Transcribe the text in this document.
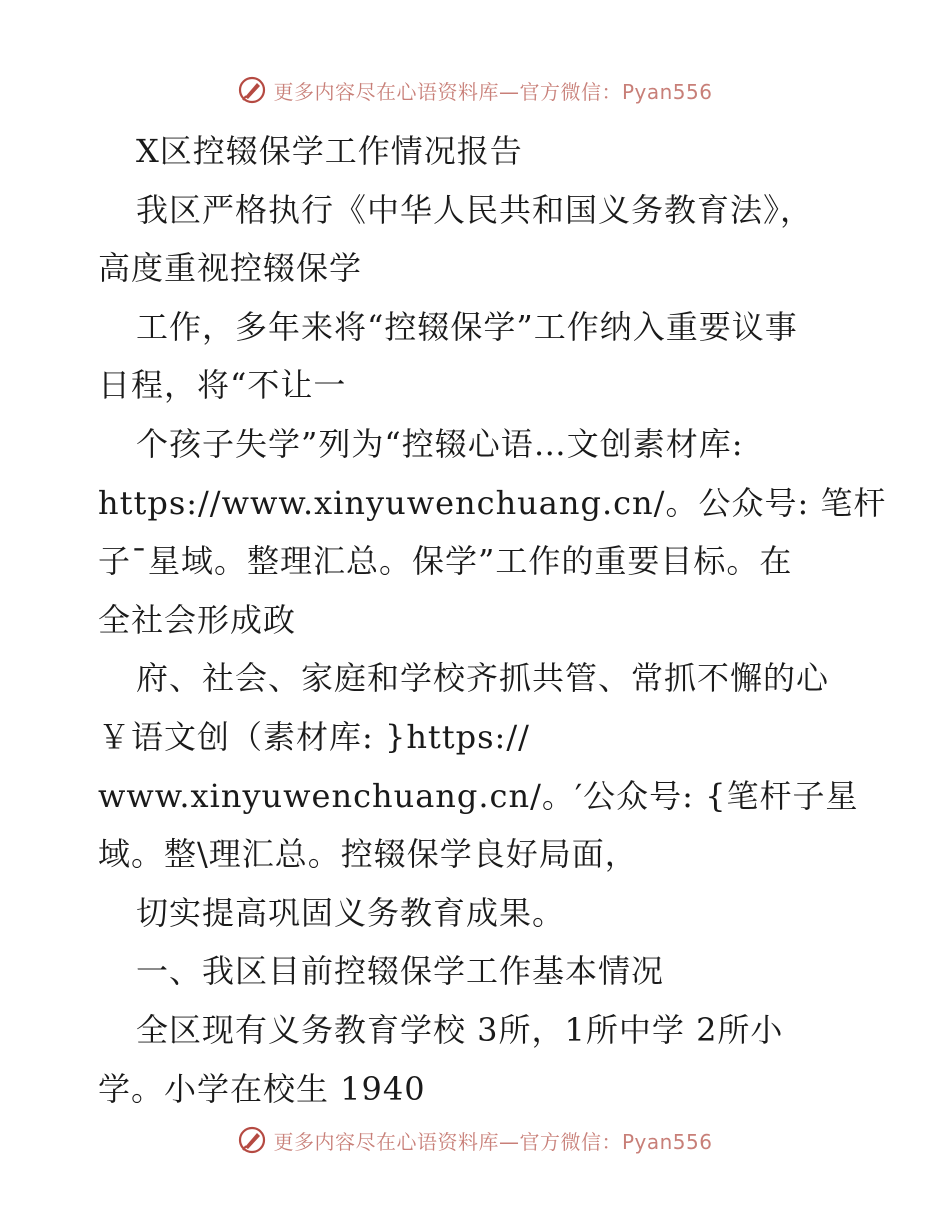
更多内容尽在心语资料库—官方微信：Pyan556
X区控辍保学工作情况报告
我区严格执行《中华人民共和国义务教育法》，
高度重视控辍保学
工作，多年来将“控辍保学”工作纳入重要议事
日程，将“不让一
个孩子失学”列为“控辍心语…文创素材库:
https://www.xinyuwenchuang.cn/。公众号: 笔杆
子¯星域。整理汇总。保学”工作的重要目标。在
全社会形成政
府、社会、家庭和学校齐抓共管、常抓不懈的心
￥语文创（素材库: }https://
www.xinyuwenchuang.cn/。′公众号: {笔杆子星
域。整\理汇总。控辍保学良好局面，
切实提高巩固义务教育成果。
一、我区目前控辍保学工作基本情况
全区现有义务教育学校 3所，1所中学 2所小
学。小学在校生 1940
更多内容尽在心语资料库—官方微信：Pyan556
